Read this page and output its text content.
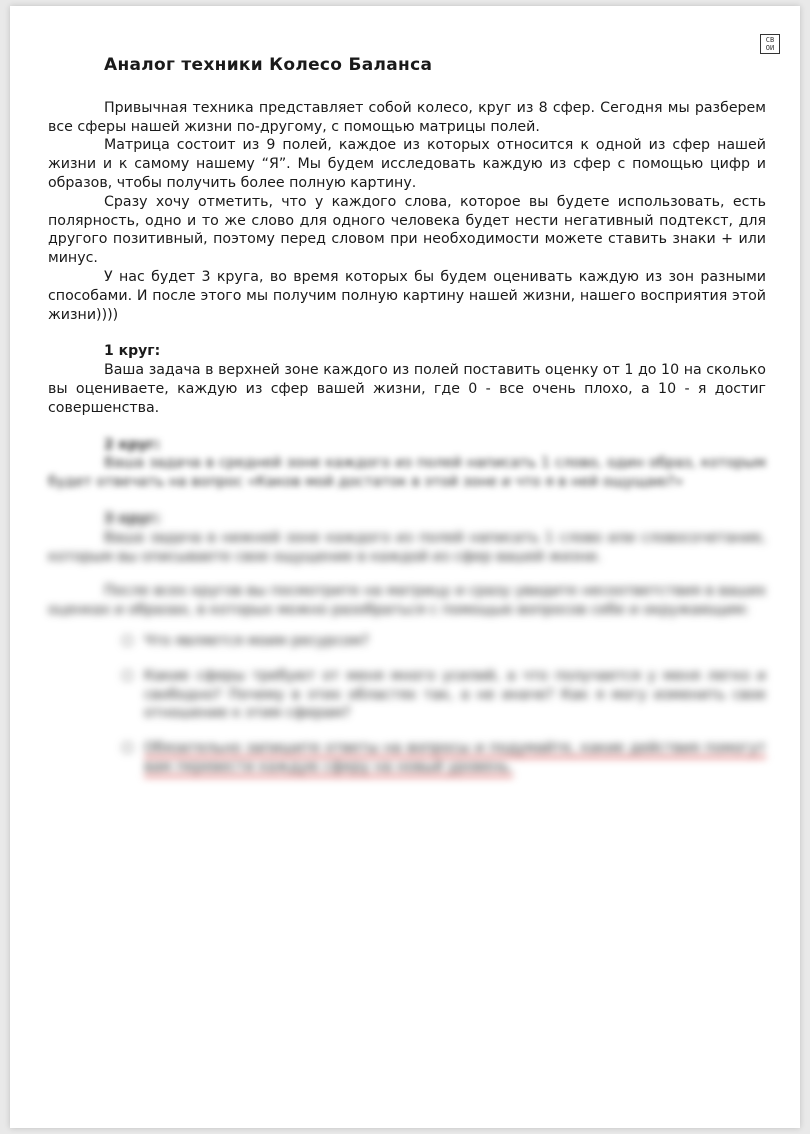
СВ
ОИ
Аналог техники Колесо Баланса

Привычная техника представляет собой колесо, круг из 8 сфер. Сегодня мы разберем все сферы нашей жизни по-другому, с помощью матрицы полей.

Матрица состоит из 9 полей, каждое из которых относится к одной из сфер нашей жизни и к самому нашему “Я”. Мы будем исследовать каждую из сфер с помощью цифр и образов, чтобы получить более полную картину.

Сразу хочу отметить, что у каждого слова, которое вы будете использовать, есть полярность, одно и то же слово для одного человека будет нести негативный подтекст, для другого позитивный, поэтому перед словом при необходимости можете ставить знаки + или минус.

У нас будет 3 круга, во время которых бы будем оценивать каждую из зон разными способами. И после этого мы получим полную картину нашей жизни, нашего восприятия этой жизни))))

1 круг:

Ваша задача в верхней зоне каждого из полей поставить оценку от 1 до 10 на сколько вы оцениваете, каждую из сфер вашей жизни, где 0 - все очень плохо, а 10 - я достиг совершенства.

2 круг:

Ваша задача в средней зоне каждого из полей написать 1 слово, один образ, которым будет отвечать на вопрос «Каков мой достаток в этой зоне и что я в ней ощущаю?»

3 круг:

Ваша задача в нижней зоне каждого из полей написать 1 слово или словосочетание, которым вы описываете свое ощущение в каждой из сфер вашей жизни.

После всех кругов вы посмотрите на матрицу и сразу увидите несоответствия в ваших оценках и образах, в которых можно разобраться с помощью вопросов себе и окружающим:

Что является моим ресурсом?
Какие сферы требуют от меня много усилий, а что получается у меня легко и свободно? Почему в этих областях так, а не иначе? Как я могу изменить свое отношение к этим сферам?
Обязательно запишите ответы на вопросы и подумайте, какие действия помогут вам перевести каждую сферу на новый уровень.
